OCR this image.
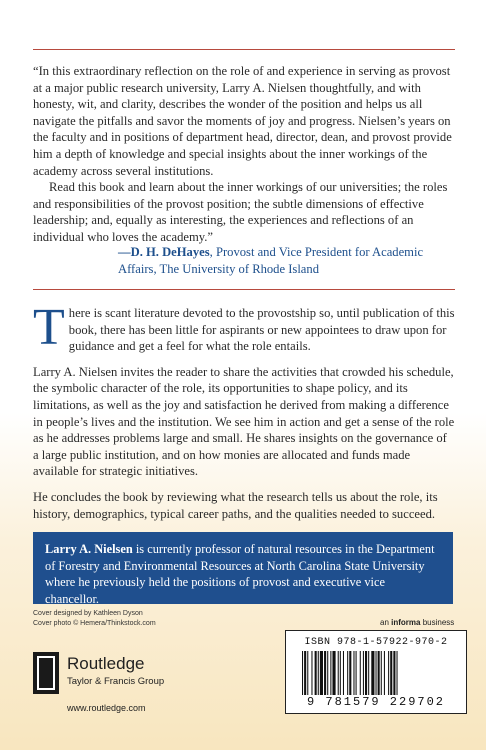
“In this extraordinary reflection on the role of and experience in serving as provost at a major public research university, Larry A. Nielsen thoughtfully, and with honesty, wit, and clarity, describes the wonder of the position and helps us all navigate the pitfalls and savor the moments of joy and progress. Nielsen’s years on the faculty and in positions of department head, director, dean, and provost provide him a depth of knowledge and special insights about the inner workings of the academy across several institutions.

Read this book and learn about the inner workings of our universities; the roles and responsibilities of the provost position; the subtle dimensions of effective leadership; and, equally as interesting, the experiences and reflections of an individual who loves the academy.”

—D. H. DeHayes, Provost and Vice President for Academic Affairs, The University of Rhode Island

There is scant literature devoted to the provostship so, until publication of this book, there has been little for aspirants or new appointees to draw upon for guidance and get a feel for what the role entails.

Larry A. Nielsen invites the reader to share the activities that crowded his schedule, the symbolic character of the role, its opportunities to shape policy, and its limitations, as well as the joy and satisfaction he derived from making a difference in people’s lives and the institution. We see him in action and get a sense of the role as he addresses problems large and small. He shares insights on the governance of a large public institution, and on how monies are allocated and funds made available for strategic initiatives.

He concludes the book by reviewing what the research tells us about the role, its history, demographics, typical career paths, and the qualities needed to succeed.

Larry A. Nielsen is currently professor of natural resources in the Department of Forestry and Environmental Resources at North Carolina State University where he previously held the positions of provost and executive vice chancellor.
Cover designed by Kathleen Dyson
Cover photo © Hemera/Thinkstock.com	an informa business
ISBN 978-1-57922-970-2
9 781579 229702
Routledge
Taylor & Francis Group
www.routledge.com
